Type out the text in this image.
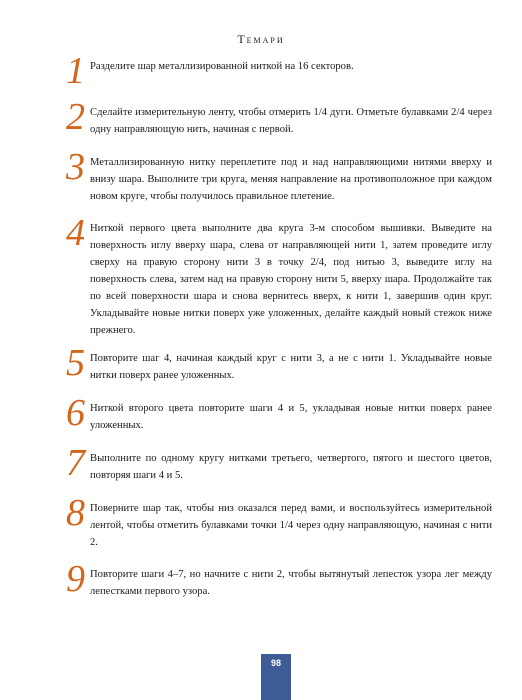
Темари
1 Разделите шар металлизированной ниткой на 16 секторов.
2 Сделайте измерительную ленту, чтобы отмерить 1/4 дуги. Отметьте булавками 2/4 через одну направляющую нить, начиная с первой.
3 Металлизированную нитку переплетите под и над направляющими нитями вверху и внизу шара. Выполните три круга, меняя направление на противоположное при каждом новом круге, чтобы получилось правильное плетение.
4 Ниткой первого цвета выполните два круга 3-м способом вышивки. Выведите на поверхность иглу вверху шара, слева от направляющей нити 1, затем проведите иглу сверху на правую сторону нити 3 в точку 2/4, под нитью 3, выведите иглу на поверхность слева, затем над на правую сторону нити 5, вверху шара. Продолжайте так по всей поверхности шара и снова вернитесь вверх, к нити 1, завершив один круг. Укладывайте новые нитки поверх уже уложенных, делайте каждый новый стежок ниже прежнего.
5 Повторите шаг 4, начиная каждый круг с нити 3, а не с нити 1. Укладывайте новые нитки поверх ранее уложенных.
6 Ниткой второго цвета повторите шаги 4 и 5, укладывая новые нитки поверх ранее уложенных.
7 Выполните по одному кругу нитками третьего, четвертого, пятого и шестого цветов, повторяя шаги 4 и 5.
8 Поверните шар так, чтобы низ оказался перед вами, и воспользуйтесь измерительной лентой, чтобы отметить булавками точки 1/4 через одну направляющую, начиная с нити 2.
9 Повторите шаги 4–7, но начните с нити 2, чтобы вытянутый лепесток узора лег между лепестками первого узора.
98
